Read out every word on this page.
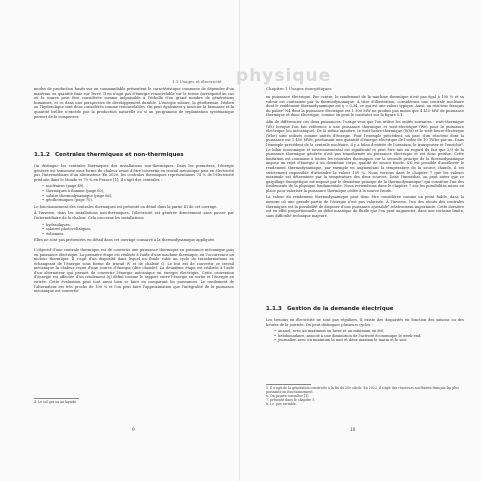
1.1 Usages et électricité

modes de production basés sur un commandable présentent le caractéristique commune de dépendre d'un matériau ou quantité finie sur Terre. Il en n'agit pas d'énergie renouvelable car le terme correspond au cas où la source peut être considérée comme inépuisable à l'échelle d'un grand nombre de générations humaines, et ce dans une perspective de développement durable. L'énergie solaire, la géothermie, l'éolien ou l'hydraulique sont donc considérés comme renouvelables. On peut également y associer la biomasse et la quantité brûlée n'excède pas la production naturelle ou si un programme de replantation systématique permet de la compenser.

1.1.2 Centrales thermiques et non-thermiques

On distingue les centrales thermiques des installations non-thermiques. Dans les premières, l'énergie générée est transmise sous forme de chaleur avant d'être convertie en travail mécanique puis en électricité par l'intermédiaire d'un alternateur. En 2020, les centrales thermiques représentaient 74 % de l'électricité produite dans le Monde et 79 % en France [1]. Il s'agit des centrales :

• nucléaires (page 49),
• thermiques à flamme (page 60),
• solaire thermodynamique (page 66),
• géothermiques (page 70).

Le fonctionnement des centrales thermiques est présenté en détail dans la partie III de cet ouvrage.

À l'inverse, dans les installations non-thermiques, l'électricité est générée directement sans passer par l'intermédiaire de la chaleur. Cela concerne les installations

• hydrauliques,
• solaires photovoltaïques,
• éoliennes.

Elles ne sont pas présentées en détail dans cet ouvrage consacré à la thermodynamique appliquée.

L'objectif d'une centrale thermique est de convertir une puissance thermique en puissance mécanique puis en puissance électrique. La première étape est réalisée à l'aide d'une machine thermique, en l'occurrence un moteur thermique. Il s'agit d'un dispositif dans lequel un fluide subit un cycle de transformations en échangeant de l'énergie sous forme de travail W et de chaleur Q. Le but est de convertir ce travail mécanique la chaleur reçue d'une source d'énergie (dite chaude). La deuxième étape est réalisée à l'aide d'un alternateur qui permet de convertir l'énergie mécanique en énergie électrique. Cette conversion d'énergie est affectée d'un rendement (η) défini comme le rapport entre l'énergie en sortie et l'énergie en entrée. Cette évaluation peut tout aussi bien se faire en comparant les puissances. Le rendement de l'alternateur est très proche de 100 % et l'on peut faire l'approximation que l'intégralité de la puissance mécanique est convertie

4. Le sol gaz ou au liquide.
9
physique
Chapitre 1 Usages énergétiques

en puissance électrique. Par contre, le rendement de la machine thermique n'est pas égal à 100 % et sa valeur est contrainte par la thermodynamique. À titre d'illustration, considérons une centrale nucléaire dont le rendement thermodynamique est η = 0,34, ce qui est une valeur typique. Ainsi, un réacteur français du palier⁵ N4 dont la puissance électrique est 1 500 MW ne produit pas moins que 4 410 MW de puissance thermique et donc électrique, comme on peut le constater sur la figure 1.1.

Afin de différencier ces deux puissances, l'usage veut que l'on utilise les unités suivantes : watt-thermique (Wt) lorsque l'on fait référence à une puissance thermique et watt-électrique (We) pour la puissance électrique (ou mécanique). De la même manière, le watt-heure-thermique (Wht) et le watt-heure-électrique (Whe) sont utilisés comme unités d'énergie. Pour l'exemple précédent, un parc d'un réacteur dont la puissance est 1 450 MWe, produisant une quantité d'énergie électrique de l'ordre de 10 TWhe par an. Dans l'exemple précédent de la centrale nucléaire, il y a bilan d'entrée de l'uranium, le transporter et l'enrichir⁶. Le bilan économique et environnemental est significatif et peut être mis en regard du fait que 2/3 de la puissance thermique générée n'est pas transformée en puissance électrique et est donc perdue. Cette limitation est commune à toutes les centrales thermiques car la seconde principe de la thermodynamique impose un rejet d'énergie à un deuxième corps, qualité de source froide. S'il est possible d'améliorer le rendement thermodynamique, par exemple en augmentant la température de la source chaude, il est strictement impossible d'atteindre la valeur 100 %. Nous verrons dans le chapitre 7 que les valeurs maximale est déterminée par la température des deux sources. Dans l'immédiat, on peut noter que ce gaspillage énergétique est imposé par le deuxième principe de la thermodynamique⁷ qui constitue l'un des fondements de la physique fondamentale. Nous reviendrons dans le chapitre 7 sur les possibilités mises en place pour valoriser la puissance thermique cédée à la source froide.

La valeur du rendement thermodynamique peut donc être considérée comme un point faible, dans la mesure où une grande partie de l'énergie n'est pas valorisée. À l'inverse, l'un des atouts des centrales thermiques est la possibilité de disposer d'une puissance ajustable⁸ relativement importante. Cette dernière est en effet proportionnelle au débit massique du fluide que l'on peut augmenter, dans une certaine limite, sans difficulté technique majeure.

1.1.3 Gestion de la demande électrique

Les besoins en électricité ne sont pas réguliers. Il existe des disparités en fonction des saisons ou des heures de la journée. On peut distinguer plusieurs cycles :

• annuel, avec un maximum en hiver et un minimum en été,
• hebdomadaire, associé à une diminution de l'activité économique le week-end,
• journalier, avec un minimum la nuit et deux maxima le matin et le soir.
5. Il s'agit de la génération construite à la fin du 20e siècle. En 2022, il s'agit des réacteurs nucléaires français les plus puissants en fonctionnement.
6. On pourra consulter [1].
7. présenté dans le chapitre 5.
8. i.e. pas variable.
10
